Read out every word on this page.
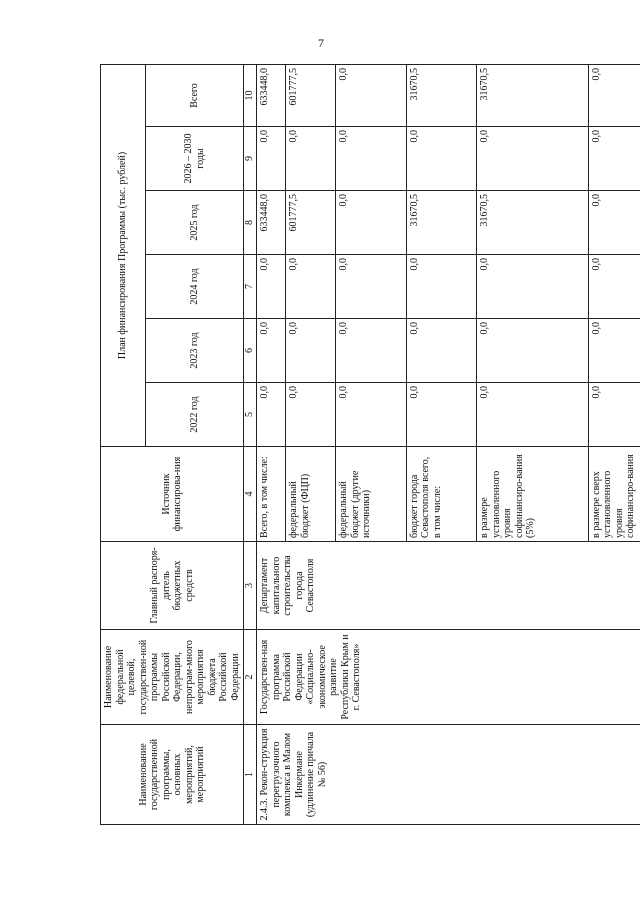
7
Наименование государственной программы, основных мероприятий, мероприятий	Наименование федеральной целевой, государствен-ной программы Российской Федерации, непрограм-много мероприятия бюджета Российской Федерации	Главный распоря-дитель бюджетных средств	Источник финансирова-ния	План финансирования Программы (тыс. рублей)					
				2022 год	2023 год	2024 год	2025 год	2026 – 2030 годы	Всего
1	2	3	4	5	6	7	8	9	10
2.4.3. Рекон-струкция перегрузочного комплекса в Малом Инкермане (удлинение причала № 56)	Государствен-ная программа Российской Федерации «Социально-экономическое развитие Республики Крым и г. Севастополя»	Департамент капитального строительства города Севастополя	Всего, в том числе:	0,0	0,0	0,0	633448,0	0,0	633448,0
			федеральный бюджет (ФЦП)	0,0	0,0	0,0	601777,5	0,0	601777,5
			федеральный бюджет (другие источники)	0,0	0,0	0,0	0,0	0,0	0,0
			бюджет города Севастополя всего, в том числе:	0,0	0,0	0,0	31670,5	0,0	31670,5
			в размере установленного уровня софинансиро-вания (5%)	0,0	0,0	0,0	31670,5	0,0	31670,5
			в размере сверх установленного уровня софинансиро-вания	0,0	0,0	0,0	0,0	0,0	0,0
